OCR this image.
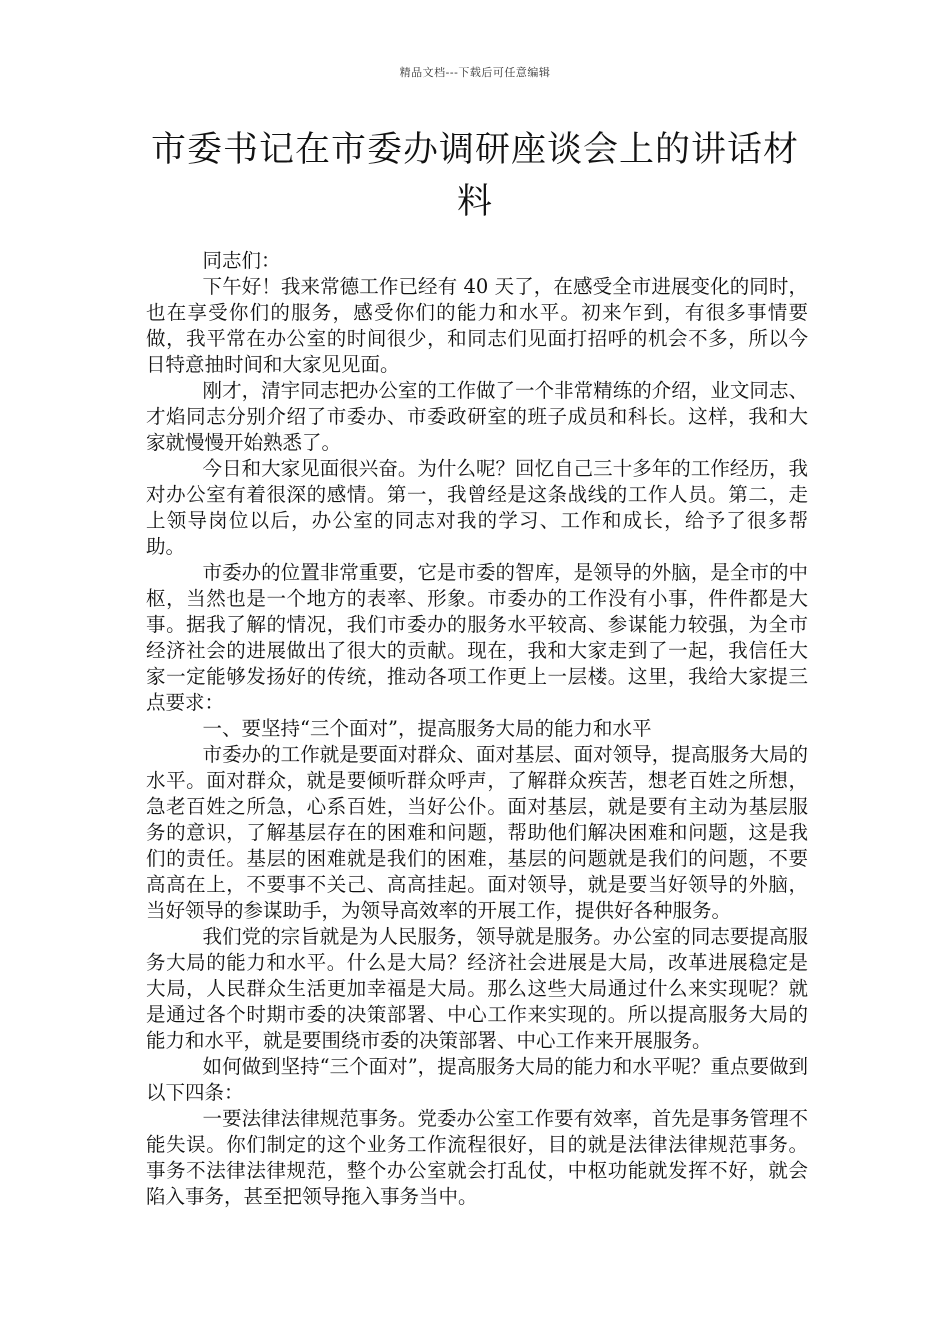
精品文档---下载后可任意编辑
市委书记在市委办调研座谈会上的讲话材料

同志们：

下午好！我来常德工作已经有 40 天了，在感受全市进展变化的同时，也在享受你们的服务，感受你们的能力和水平。初来乍到，有很多事情要做，我平常在办公室的时间很少，和同志们见面打招呼的机会不多，所以今日特意抽时间和大家见见面。

刚才，清宇同志把办公室的工作做了一个非常精练的介绍，业文同志、才焰同志分别介绍了市委办、市委政研室的班子成员和科长。这样，我和大家就慢慢开始熟悉了。

今日和大家见面很兴奋。为什么呢？回忆自己三十多年的工作经历，我对办公室有着很深的感情。第一，我曾经是这条战线的工作人员。第二，走上领导岗位以后，办公室的同志对我的学习、工作和成长，给予了很多帮助。

市委办的位置非常重要，它是市委的智库，是领导的外脑，是全市的中枢，当然也是一个地方的表率、形象。市委办的工作没有小事，件件都是大事。据我了解的情况，我们市委办的服务水平较高、参谋能力较强，为全市经济社会的进展做出了很大的贡献。现在，我和大家走到了一起，我信任大家一定能够发扬好的传统，推动各项工作更上一层楼。这里，我给大家提三点要求：

一、要坚持“三个面对”，提高服务大局的能力和水平

市委办的工作就是要面对群众、面对基层、面对领导，提高服务大局的水平。面对群众，就是要倾听群众呼声，了解群众疾苦，想老百姓之所想，急老百姓之所急，心系百姓，当好公仆。面对基层，就是要有主动为基层服务的意识，了解基层存在的困难和问题，帮助他们解决困难和问题，这是我们的责任。基层的困难就是我们的困难，基层的问题就是我们的问题，不要高高在上，不要事不关己、高高挂起。面对领导，就是要当好领导的外脑，当好领导的参谋助手，为领导高效率的开展工作，提供好各种服务。

我们党的宗旨就是为人民服务，领导就是服务。办公室的同志要提高服务大局的能力和水平。什么是大局？经济社会进展是大局，改革进展稳定是大局，人民群众生活更加幸福是大局。那么这些大局通过什么来实现呢？就是通过各个时期市委的决策部署、中心工作来实现的。所以提高服务大局的能力和水平，就是要围绕市委的决策部署、中心工作来开展服务。

如何做到坚持“三个面对”，提高服务大局的能力和水平呢？重点要做到以下四条：

一要法律法律规范事务。党委办公室工作要有效率，首先是事务管理不能失误。你们制定的这个业务工作流程很好，目的就是法律法律规范事务。事务不法律法律规范，整个办公室就会打乱仗，中枢功能就发挥不好，就会陷入事务，甚至把领导拖入事务当中。
